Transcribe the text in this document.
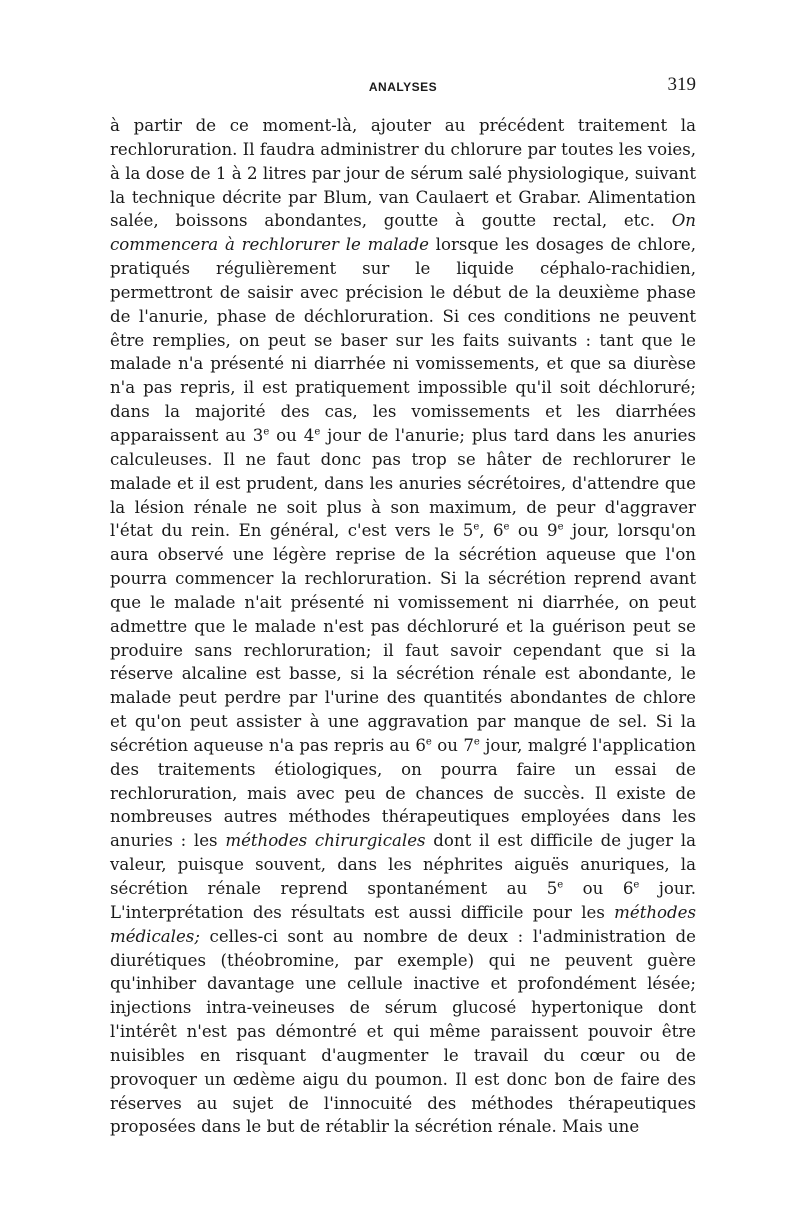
ANALYSES	319

à partir de ce moment-là, ajouter au précédent traitement la rechloruration. Il faudra administrer du chlorure par toutes les voies, à la dose de 1 à 2 litres par jour de sérum salé physiologique, suivant la technique décrite par Blum, van Caulaert et Grabar. Alimentation salée, boissons abondantes, goutte à goutte rectal, etc. On commencera à rechlorurer le malade lorsque les dosages de chlore, pratiqués régulièrement sur le liquide céphalo-rachidien, permettront de saisir avec précision le début de la deuxième phase de l'anurie, phase de déchloruration. Si ces conditions ne peuvent être remplies, on peut se baser sur les faits suivants : tant que le malade n'a présenté ni diarrhée ni vomissements, et que sa diurèse n'a pas repris, il est pratiquement impossible qu'il soit déchloruré; dans la majorité des cas, les vomissements et les diarrhées apparaissent au 3e ou 4e jour de l'anurie; plus tard dans les anuries calculeuses. Il ne faut donc pas trop se hâter de rechlorurer le malade et il est prudent, dans les anuries sécrétoires, d'attendre que la lésion rénale ne soit plus à son maximum, de peur d'aggraver l'état du rein. En général, c'est vers le 5e, 6e ou 9e jour, lorsqu'on aura observé une légère reprise de la sécrétion aqueuse que l'on pourra commencer la rechloruration. Si la sécrétion reprend avant que le malade n'ait présenté ni vomissement ni diarrhée, on peut admettre que le malade n'est pas déchloruré et la guérison peut se produire sans rechloruration; il faut savoir cependant que si la réserve alcaline est basse, si la sécrétion rénale est abondante, le malade peut perdre par l'urine des quantités abondantes de chlore et qu'on peut assister à une aggravation par manque de sel. Si la sécrétion aqueuse n'a pas repris au 6e ou 7e jour, malgré l'application des traitements étiologiques, on pourra faire un essai de rechloruration, mais avec peu de chances de succès. Il existe de nombreuses autres méthodes thérapeutiques employées dans les anuries : les méthodes chirurgicales dont il est difficile de juger la valeur, puisque souvent, dans les néphrites aiguës anuriques, la sécrétion rénale reprend spontanément au 5e ou 6e jour. L'interprétation des résultats est aussi difficile pour les méthodes médicales; celles-ci sont au nombre de deux : l'administration de diurétiques (théobromine, par exemple) qui ne peuvent guère qu'inhiber davantage une cellule inactive et profondément lésée; injections intra-veineuses de sérum glucosé hypertonique dont l'intérêt n'est pas démontré et qui même paraissent pouvoir être nuisibles en risquant d'augmenter le travail du cœur ou de provoquer un œdème aigu du poumon. Il est donc bon de faire des réserves au sujet de l'innocuité des méthodes thérapeutiques proposées dans le but de rétablir la sécrétion rénale. Mais une
